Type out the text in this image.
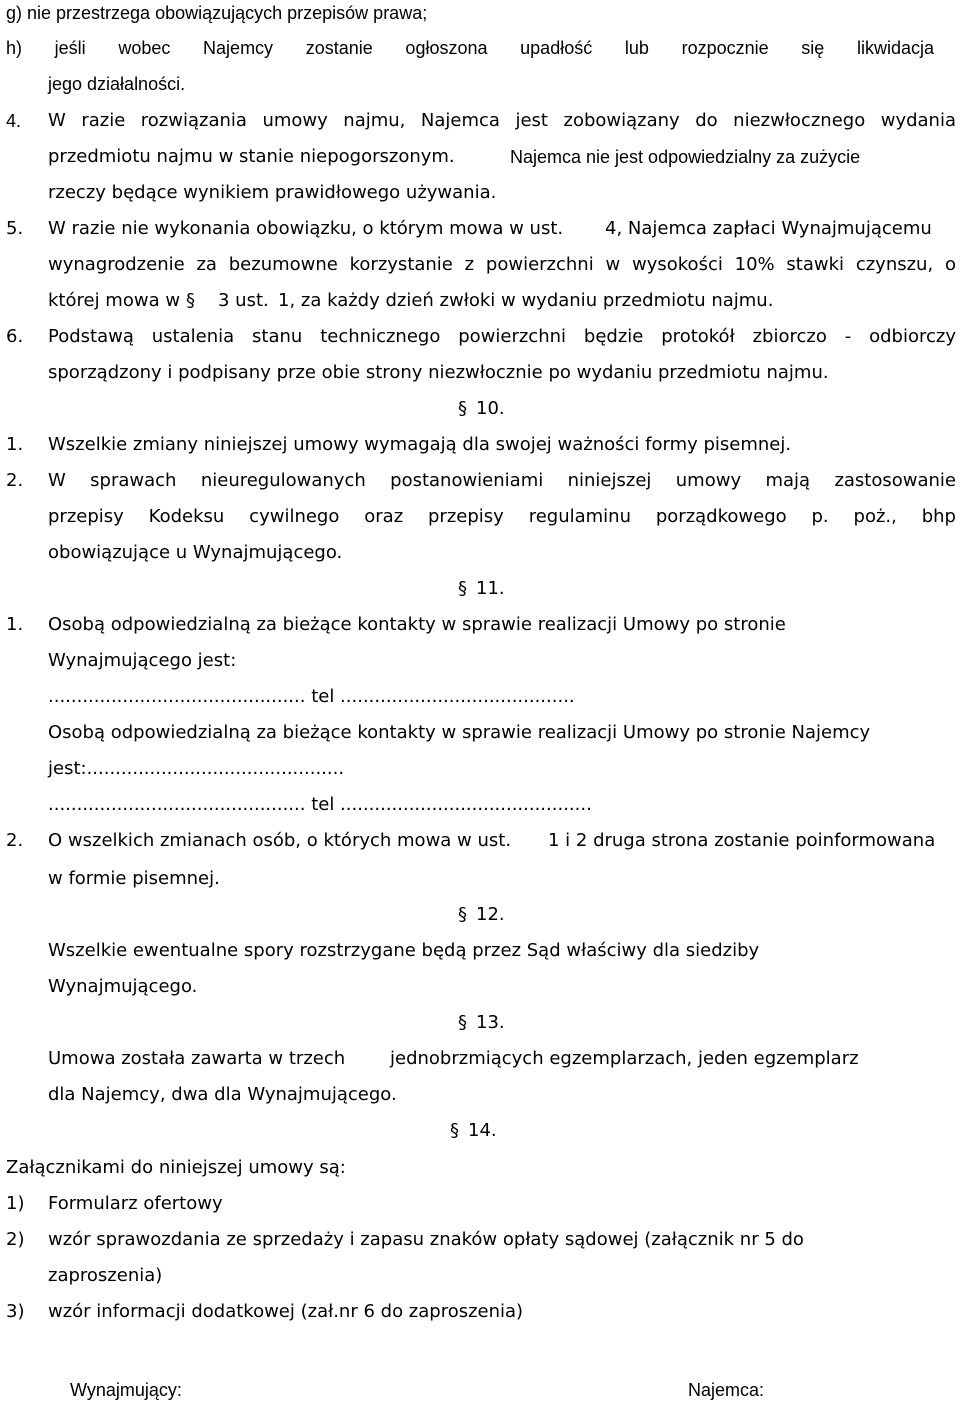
g) nie przestrzega obowiązujących przepisów prawa;
h) jeśli wobec Najemcy zostanie ogłoszona upadłość lub rozpocznie się likwidacja
jego działalności.
4. W razie rozwiązania umowy najmu, Najemca jest zobowiązany do niezwłocznego wydania
przedmiotu najmu w stanie niepogorszonym.	Najemca nie jest odpowiedzialny za zużycie
rzeczy będące wynikiem prawidłowego używania.
5. W razie nie wykonania obowiązku, o którym mowa w ust. 4, Najemca zapłaci Wynajmującemu
wynagrodzenie za bezumowne korzystanie z powierzchni w wysokości 10% stawki czynszu, o
której mowa w § 3 ust. 1, za każdy dzień zwłoki w wydaniu przedmiotu najmu.
6. Podstawą ustalenia stanu technicznego powierzchni będzie protokół zbiorczo - odbiorczy
sporządzony i podpisany prze obie strony niezwłocznie po wydaniu przedmiotu najmu.
§ 10.
1. Wszelkie zmiany niniejszej umowy wymagają dla swojej ważności formy pisemnej.
2. W sprawach nieuregulowanych postanowieniami niniejszej umowy mają zastosowanie
przepisy Kodeksu cywilnego oraz przepisy regulaminu porządkowego p. poż., bhp
obowiązujące u Wynajmującego.
§ 11.
1. Osobą odpowiedzialną za bieżące kontakty w sprawie realizacji Umowy po stronie
Wynajmującego jest:
............................................. tel .........................................
Osobą odpowiedzialną za bieżące kontakty w sprawie realizacji Umowy po stronie Najemcy
jest:.............................................
............................................. tel ............................................
2. O wszelkich zmianach osób, o których mowa w ust. 1 i 2 druga strona zostanie poinformowana
w formie pisemnej.
§ 12.
Wszelkie ewentualne spory rozstrzygane będą przez Sąd właściwy dla siedziby
Wynajmującego.
§ 13.
Umowa została zawarta w trzech jednobrzmiących egzemplarzach, jeden egzemplarz
dla Najemcy, dwa dla Wynajmującego.
§ 14.
Załącznikami do niniejszej umowy są:
1) Formularz ofertowy
2) wzór sprawozdania ze sprzedaży i zapasu znaków opłaty sądowej (załącznik nr 5 do
zaproszenia)
3) wzór informacji dodatkowej (zał.nr 6 do zaproszenia)
Wynajmujący:	Najemca:
